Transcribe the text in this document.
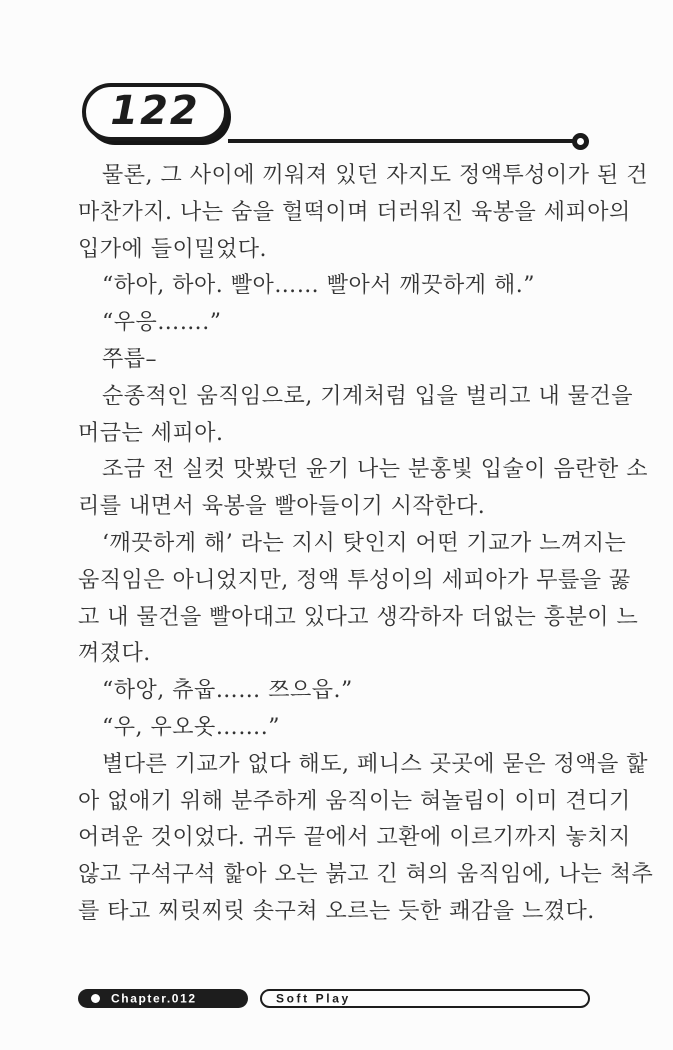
122
물론, 그 사이에 끼워져 있던 자지도 정액투성이가 된 건
마찬가지. 나는 숨을 헐떡이며 더러워진 육봉을 세피아의
입가에 들이밀었다.
“하아, 하아. 빨아…… 빨아서 깨끗하게 해.”
“우응…….”
쭈릅–
순종적인 움직임으로, 기계처럼 입을 벌리고 내 물건을
머금는 세피아.
조금 전 실컷 맛봤던 윤기 나는 분홍빛 입술이 음란한 소
리를 내면서 육봉을 빨아들이기 시작한다.
‘깨끗하게 해’ 라는 지시 탓인지 어떤 기교가 느껴지는
움직임은 아니었지만, 정액 투성이의 세피아가 무릎을 꿇
고 내 물건을 빨아대고 있다고 생각하자 더없는 흥분이 느
껴졌다.
“하앙, 츄웁…… 쯔으읍.”
“우, 우오옷…….”
별다른 기교가 없다 해도, 페니스 곳곳에 묻은 정액을 핥
아 없애기 위해 분주하게 움직이는 혀놀림이 이미 견디기
어려운 것이었다. 귀두 끝에서 고환에 이르기까지 놓치지
않고 구석구석 핥아 오는 붉고 긴 혀의 움직임에, 나는 척추
를 타고 찌릿찌릿 솟구쳐 오르는 듯한 쾌감을 느꼈다.
Chapter.012	Soft Play
